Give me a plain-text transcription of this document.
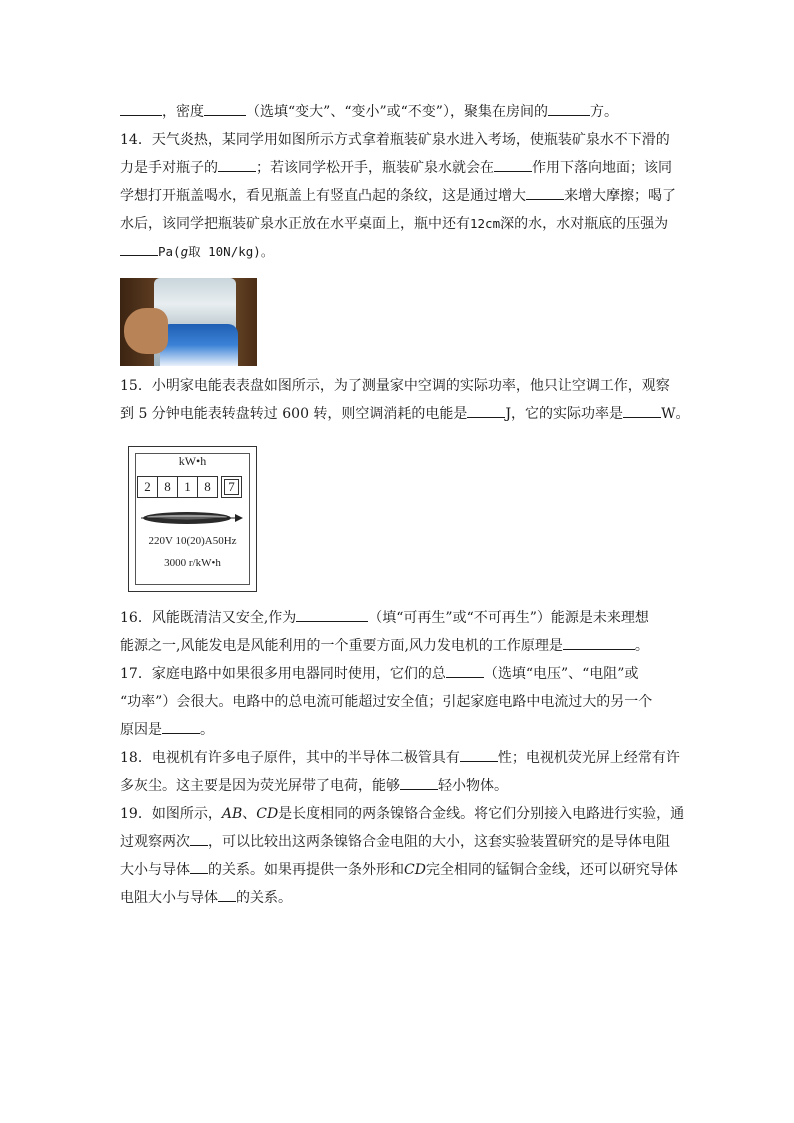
，密度	（选填“变大”、“变小”或“不变”），聚集在房间的	方。
14．天气炎热，某同学用如图所示方式拿着瓶装矿泉水进入考场，使瓶装矿泉水不下滑的
力是手对瓶子的	；若该同学松开手，瓶装矿泉水就会在	作用下落向地面；该同
学想打开瓶盖喝水，看见瓶盖上有竖直凸起的条纹，这是通过增大	来增大摩擦；喝了
水后，该同学把瓶装矿泉水正放在水平桌面上，瓶中还有12cm深的水，水对瓶底的压强为
Pa(g取 10N/kg)。
15．小明家电能表表盘如图所示，为了测量家中空调的实际功率，他只让空调工作，观察
到 5 分钟电能表转盘转过 600 转，则空调消耗的电能是	J，它的实际功率是	W。
kW•h
2	8	1	8	7
220V 10(20)A50Hz
3000 r/kW•h
16．风能既清洁又安全,作为	（填“可再生”或“不可再生”）能源是未来理想
能源之一,风能发电是风能利用的一个重要方面,风力发电机的工作原理是	。
17．家庭电路中如果很多用电器同时使用，它们的总	（选填“电压”、“电阻”或
“功率”）会很大。电路中的总电流可能超过安全值；引起家庭电路中电流过大的另一个
原因是	。
18．电视机有许多电子原件，其中的半导体二极管具有	性；电视机荧光屏上经常有许
多灰尘。这主要是因为荧光屏带了电荷，能够	轻小物体。
19．如图所示，AB、CD是长度相同的两条镍铬合金线。将它们分别接入电路进行实验，通
过观察两次 ，可以比较出这两条镍铬合金电阻的大小，这套实验装置研究的是导体电阻
大小与导体 的关系。如果再提供一条外形和CD完全相同的锰铜合金线，还可以研究导体
电阻大小与导体 的关系。
